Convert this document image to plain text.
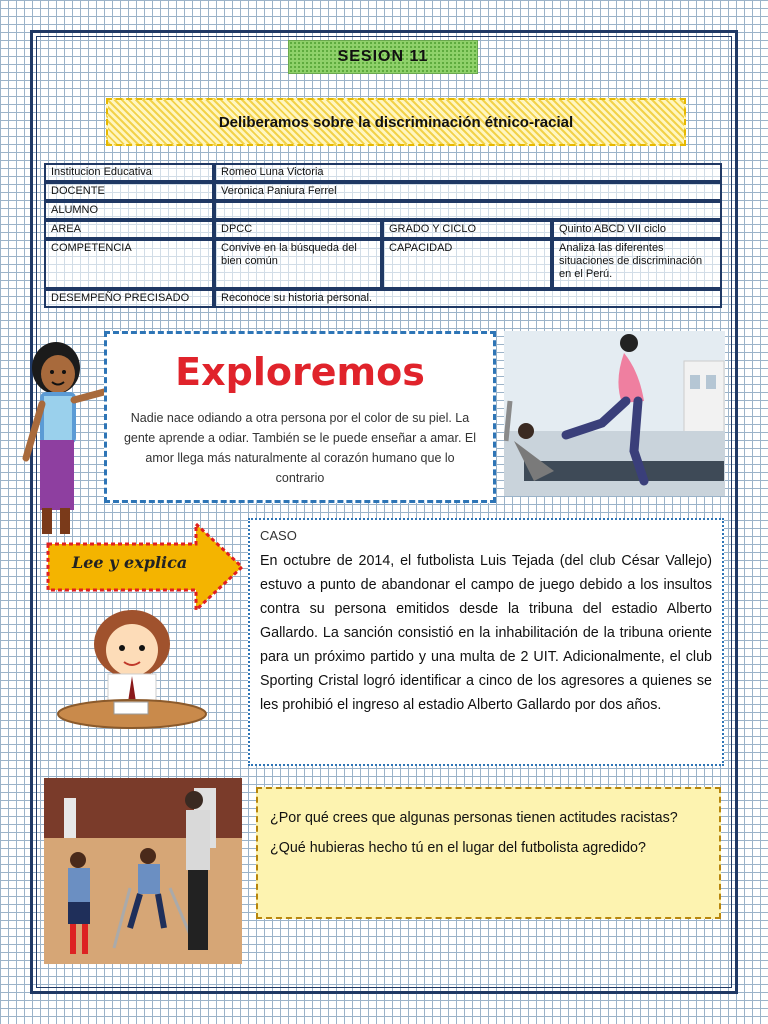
SESION 11
Deliberamos sobre la discriminación étnico-racial
Institucion Educativa	Romeo Luna Victoria		
DOCENTE	Veronica Paniura Ferrel		
ALUMNO			
AREA	DPCC	GRADO Y CICLO	Quinto ABCD VII ciclo
COMPETENCIA	Convive en la búsqueda del bien común	CAPACIDAD	Analiza las diferentes situaciones de discriminación en el Perú.
DESEMPEÑO PRECISADO	Reconoce su historia personal.		
Exploremos
Nadie nace odiando a otra persona por el color de su piel. La gente aprende a odiar. También se le puede enseñar a amar. El amor llega más naturalmente al corazón humano que lo contrario
Lee y explica
CASO
En octubre de 2014, el futbolista Luis Tejada (del club César Vallejo) estuvo a punto de abandonar el campo de juego debido a los insultos contra su persona emitidos desde la tribuna del estadio Alberto Gallardo. La sanción consistió en la inhabilitación de la tribuna oriente para un próximo partido y una multa de 2 UIT. Adicionalmente, el club Sporting Cristal logró identificar a cinco de los agresores a quienes se les prohibió el ingreso al estadio Alberto Gallardo por dos años.

¿Por qué crees que algunas personas tienen actitudes racistas?

¿Qué hubieras hecho tú en el lugar del futbolista agredido?
